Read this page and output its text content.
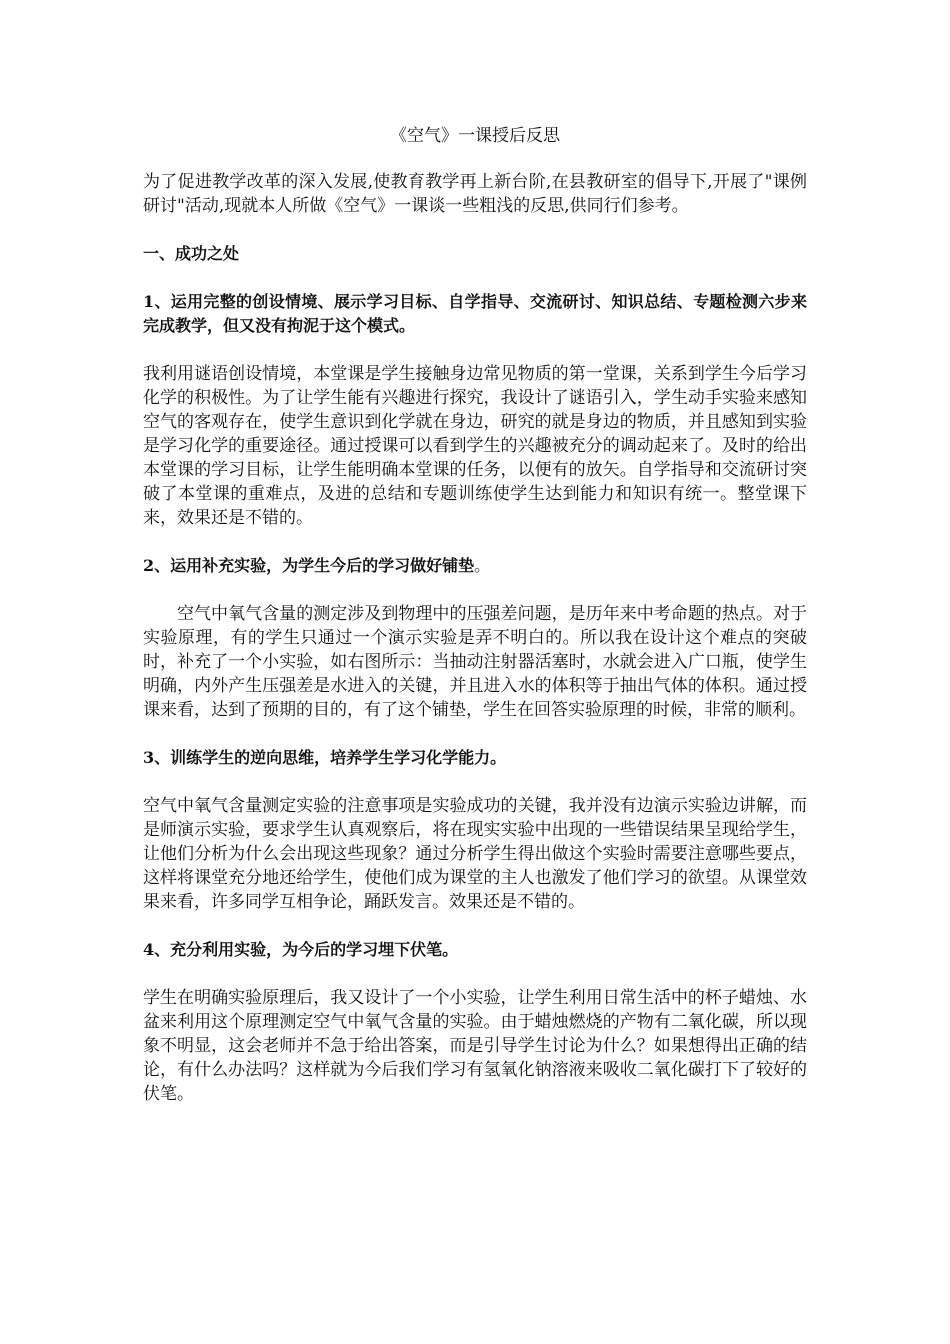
《空气》一课授后反思

为了促进教学改革的深入发展,使教育教学再上新台阶,在县教研室的倡导下,开展了"课例研讨"活动,现就本人所做《空气》一课谈一些粗浅的反思,供同行们参考。

一、成功之处

1、运用完整的创设情境、展示学习目标、自学指导、交流研讨、知识总结、专题检测六步来完成教学，但又没有拘泥于这个模式。

我利用谜语创设情境，本堂课是学生接触身边常见物质的第一堂课，关系到学生今后学习化学的积极性。为了让学生能有兴趣进行探究，我设计了谜语引入，学生动手实验来感知空气的客观存在，使学生意识到化学就在身边，研究的就是身边的物质，并且感知到实验是学习化学的重要途径。通过授课可以看到学生的兴趣被充分的调动起来了。及时的给出本堂课的学习目标，让学生能明确本堂课的任务，以便有的放矢。自学指导和交流研讨突破了本堂课的重难点，及进的总结和专题训练使学生达到能力和知识有统一。整堂课下来，效果还是不错的。

2、运用补充实验，为学生今后的学习做好铺垫。

空气中氧气含量的测定涉及到物理中的压强差问题，是历年来中考命题的热点。对于实验原理，有的学生只通过一个演示实验是弄不明白的。所以我在设计这个难点的突破时，补充了一个小实验，如右图所示：当抽动注射器活塞时，水就会进入广口瓶，使学生明确，内外产生压强差是水进入的关键，并且进入水的体积等于抽出气体的体积。通过授课来看，达到了预期的目的，有了这个铺垫，学生在回答实验原理的时候，非常的顺利。

3、训练学生的逆向思维，培养学生学习化学能力。

空气中氧气含量测定实验的注意事项是实验成功的关键，我并没有边演示实验边讲解，而是师演示实验，要求学生认真观察后，将在现实实验中出现的一些错误结果呈现给学生，让他们分析为什么会出现这些现象？通过分析学生得出做这个实验时需要注意哪些要点，这样将课堂充分地还给学生，使他们成为课堂的主人也激发了他们学习的欲望。从课堂效果来看，许多同学互相争论，踊跃发言。效果还是不错的。

4、充分利用实验，为今后的学习埋下伏笔。

学生在明确实验原理后，我又设计了一个小实验，让学生利用日常生活中的杯子蜡烛、水盆来利用这个原理测定空气中氧气含量的实验。由于蜡烛燃烧的产物有二氧化碳，所以现象不明显，这会老师并不急于给出答案，而是引导学生讨论为什么？如果想得出正确的结论，有什么办法吗？这样就为今后我们学习有氢氧化钠溶液来吸收二氧化碳打下了较好的伏笔。
